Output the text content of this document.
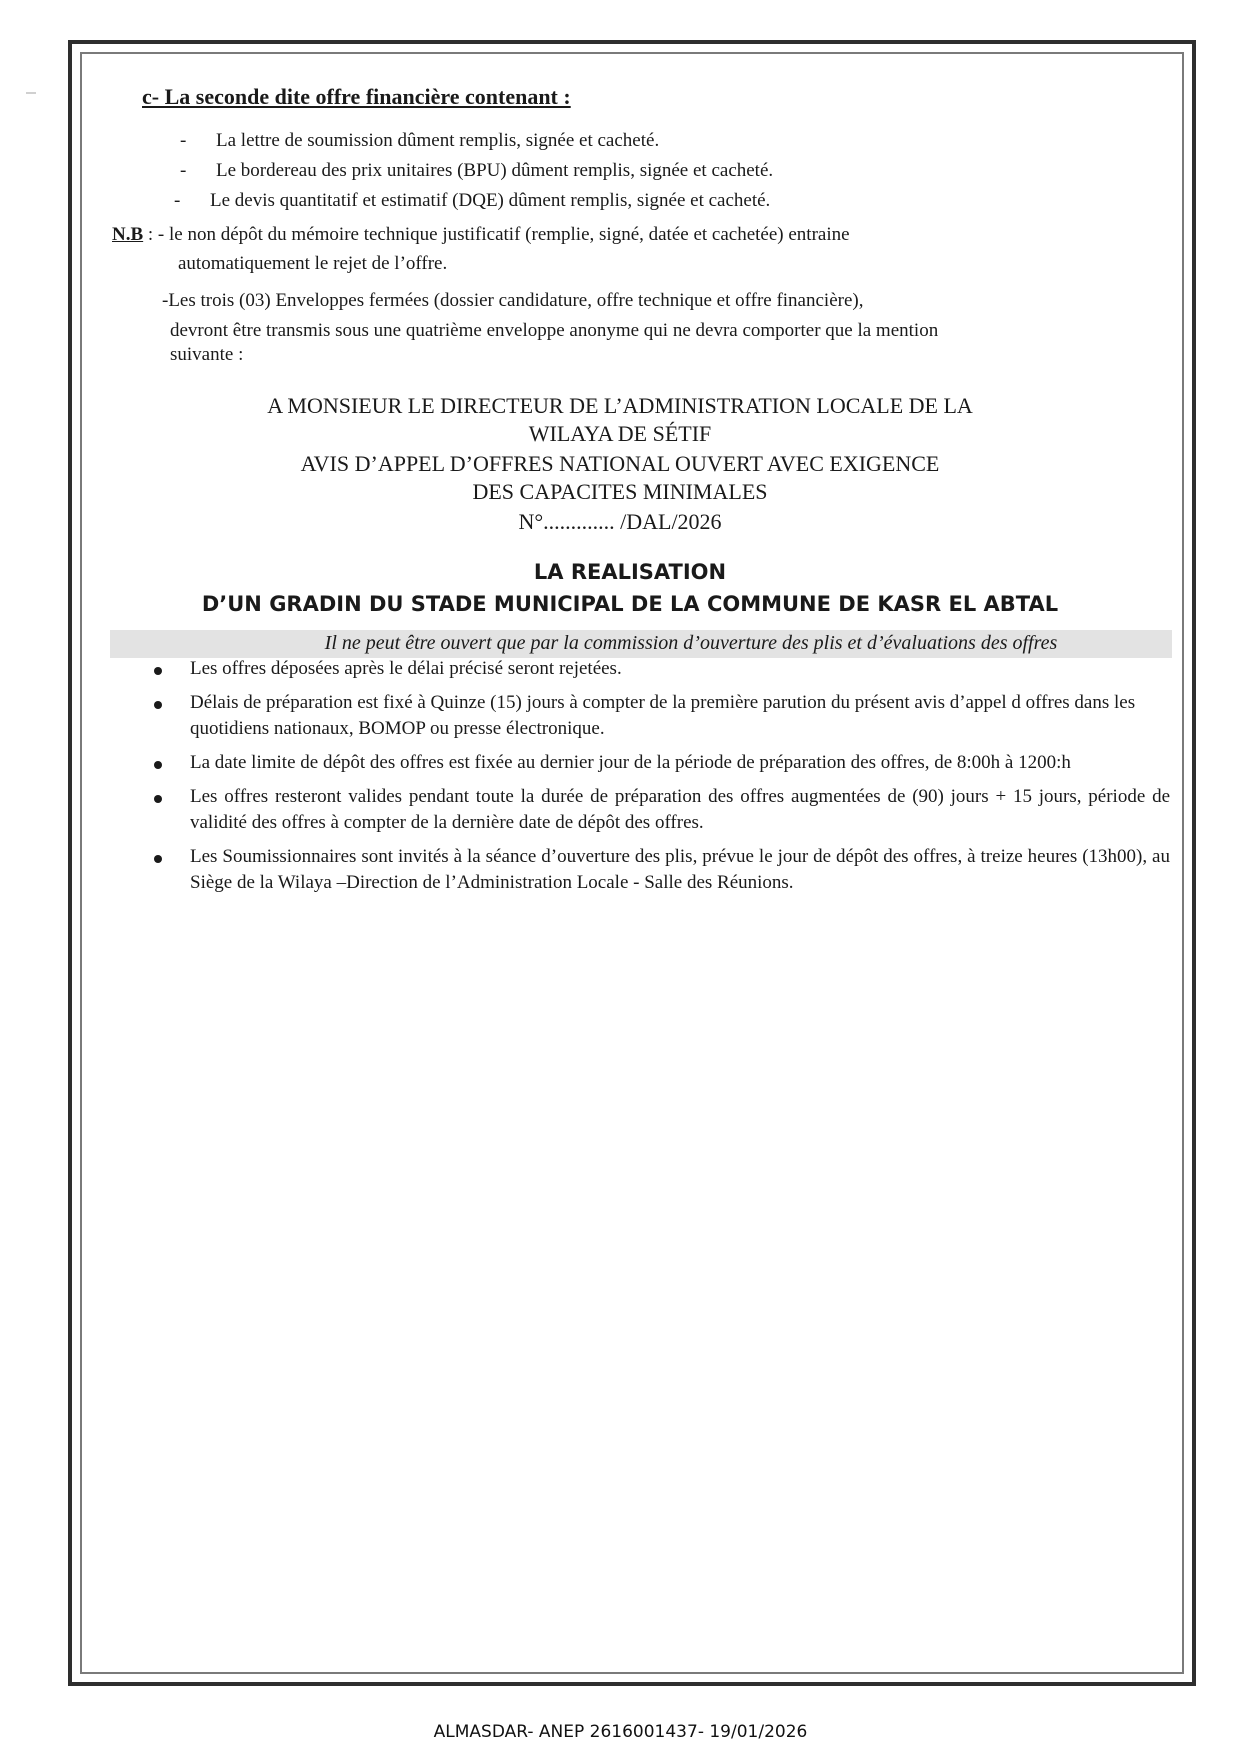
c- La seconde dite offre financière contenant :
- La lettre de soumission dûment remplis, signée et cacheté.
- Le bordereau des prix unitaires (BPU) dûment remplis, signée et cacheté.
- Le devis quantitatif et estimatif (DQE) dûment remplis, signée et cacheté.
N.B : - le non dépôt du mémoire technique justificatif (remplie, signé, datée et cachetée) entraine
automatiquement le rejet de l’offre.
-Les trois (03) Enveloppes fermées (dossier candidature, offre technique et offre financière),
devront être transmis sous une quatrième enveloppe anonyme qui ne devra comporter que la mention
suivante :
A MONSIEUR LE DIRECTEUR DE L’ADMINISTRATION LOCALE DE LA
WILAYA DE SÉTIF
AVIS D’APPEL D’OFFRES NATIONAL OUVERT AVEC EXIGENCE
DES CAPACITES MINIMALES
N°............. /DAL/2026
LA REALISATION
D’UN GRADIN DU STADE MUNICIPAL DE LA COMMUNE DE KASR EL ABTAL
Il ne peut être ouvert que par la commission d’ouverture des plis et d’évaluations des offres
Les offres déposées après le délai précisé seront rejetées.
Délais de préparation est fixé à Quinze (15) jours à compter de la première parution du présent avis d’appel d offres dans les quotidiens nationaux, BOMOP ou presse électronique.
La date limite de dépôt des offres est fixée au dernier jour de la période de préparation des offres, de 8:00h à 1200:h
Les offres resteront valides pendant toute la durée de préparation des offres augmentées de (90) jours + 15 jours, période de validité des offres à compter de la dernière date de dépôt des offres.
Les Soumissionnaires sont invités à la séance d’ouverture des plis, prévue le jour de dépôt des offres, à treize heures (13h00), au Siège de la Wilaya –Direction de l’Administration Locale - Salle des Réunions.
ALMASDAR- ANEP 2616001437- 19/01/2026
